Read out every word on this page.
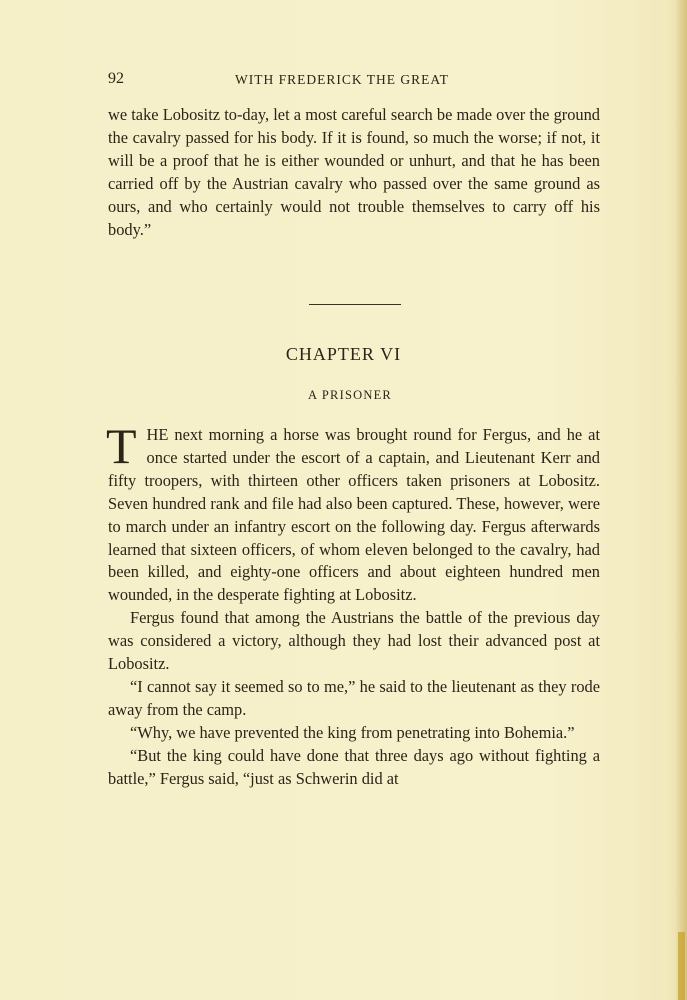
92	WITH FREDERICK THE GREAT

we take Lobositz to-day, let a most careful search be made over the ground the cavalry passed for his body. If it is found, so much the worse; if not, it will be a proof that he is either wounded or unhurt, and that he has been carried off by the Austrian cavalry who passed over the same ground as ours, and who certainly would not trouble themselves to carry off his body.”

CHAPTER VI
A PRISONER

THE next morning a horse was brought round for Fergus, and he at once started under the escort of a captain, and Lieutenant Kerr and fifty troopers, with thirteen other officers taken prisoners at Lobositz. Seven hundred rank and file had also been captured. These, however, were to march under an infantry escort on the following day. Fergus afterwards learned that sixteen officers, of whom eleven belonged to the cavalry, had been killed, and eighty-one officers and about eighteen hundred men wounded, in the desperate fighting at Lobositz.

Fergus found that among the Austrians the battle of the previous day was considered a victory, although they had lost their advanced post at Lobositz.

“I cannot say it seemed so to me,” he said to the lieutenant as they rode away from the camp.

“Why, we have prevented the king from penetrating into Bohemia.”

“But the king could have done that three days ago without fighting a battle,” Fergus said, “just as Schwerin did at
